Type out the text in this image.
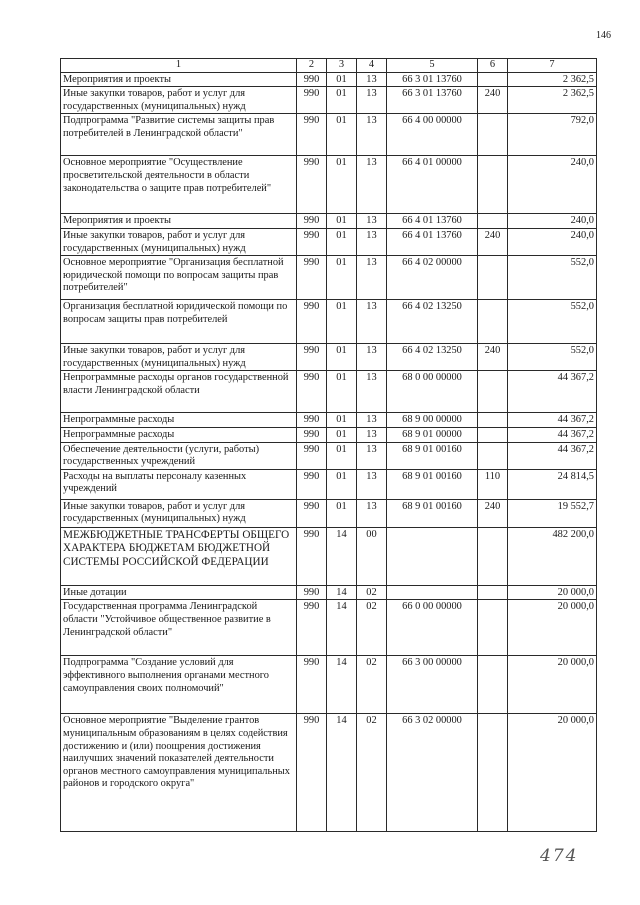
146
1	2	3	4	5	6	7
Мероприятия и проекты	990	01	13	66 3 01 13760		2 362,5
Иные закупки товаров, работ и услуг для государственных (муниципальных) нужд	990	01	13	66 3 01 13760	240	2 362,5
Подпрограмма "Развитие системы защиты прав потребителей в Ленинградской области"	990	01	13	66 4 00 00000		792,0
Основное мероприятие "Осуществление просветительской деятельности в области законодательства о защите прав потребителей"	990	01	13	66 4 01 00000		240,0
Мероприятия и проекты	990	01	13	66 4 01 13760		240,0
Иные закупки товаров, работ и услуг для государственных (муниципальных) нужд	990	01	13	66 4 01 13760	240	240,0
Основное мероприятие "Организация бесплатной юридической помощи по вопросам защиты прав потребителей"	990	01	13	66 4 02 00000		552,0
Организация бесплатной юридической помощи по вопросам защиты прав потребителей	990	01	13	66 4 02 13250		552,0
Иные закупки товаров, работ и услуг для государственных (муниципальных) нужд	990	01	13	66 4 02 13250	240	552,0
Непрограммные расходы органов государственной власти Ленинградской области	990	01	13	68 0 00 00000		44 367,2
Непрограммные расходы	990	01	13	68 9 00 00000		44 367,2
Непрограммные расходы	990	01	13	68 9 01 00000		44 367,2
Обеспечение деятельности (услуги, работы) государственных учреждений	990	01	13	68 9 01 00160		44 367,2
Расходы на выплаты персоналу казенных учреждений	990	01	13	68 9 01 00160	110	24 814,5
Иные закупки товаров, работ и услуг для государственных (муниципальных) нужд	990	01	13	68 9 01 00160	240	19 552,7
МЕЖБЮДЖЕТНЫЕ ТРАНСФЕРТЫ ОБЩЕГО ХАРАКТЕРА БЮДЖЕТАМ БЮДЖЕТНОЙ СИСТЕМЫ РОССИЙСКОЙ ФЕДЕРАЦИИ	990	14	00			482 200,0
Иные дотации	990	14	02			20 000,0
Государственная программа Ленинградской области "Устойчивое общественное развитие в Ленинградской области"	990	14	02	66 0 00 00000		20 000,0
Подпрограмма "Создание условий для эффективного выполнения органами местного самоуправления своих полномочий"	990	14	02	66 3 00 00000		20 000,0
Основное мероприятие "Выделение грантов муниципальным образованиям в целях содействия достижению и (или) поощрения достижения наилучших значений показателей деятельности органов местного самоуправления муниципальных районов и городского округа"	990	14	02	66 3 02 00000		20 000,0
474
